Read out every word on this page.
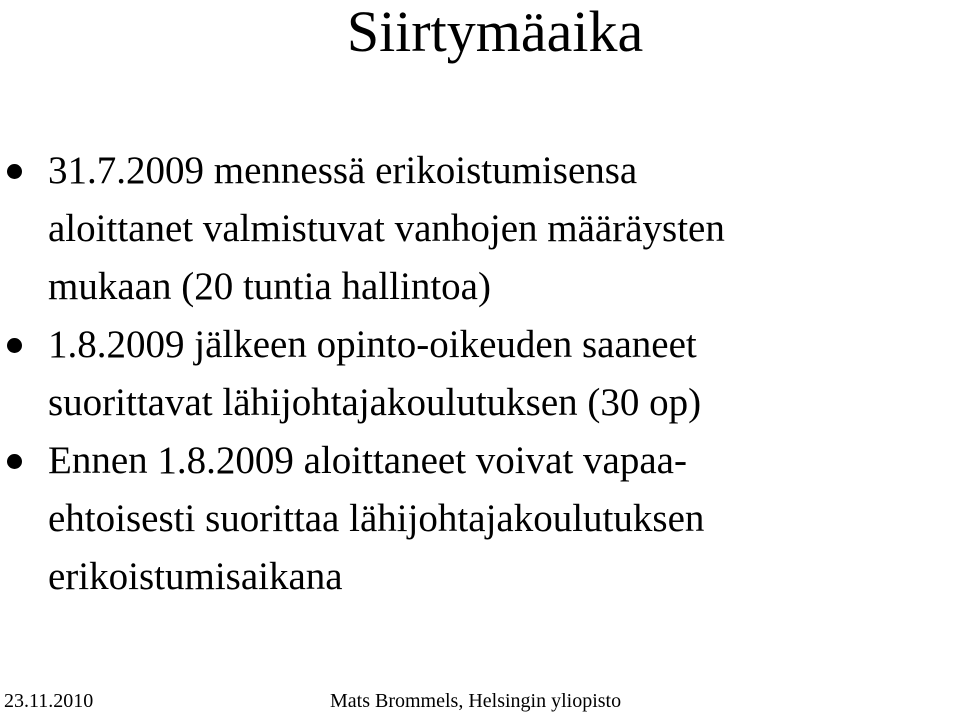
Siirtymäaika
31.7.2009 mennessä erikoistumisensa
aloittanet valmistuvat vanhojen määräysten
mukaan (20 tuntia hallintoa)
1.8.2009 jälkeen opinto-oikeuden saaneet
suorittavat lähijohtajakoulutuksen (30 op)
Ennen 1.8.2009 aloittaneet voivat vapaa-
ehtoisesti suorittaa lähijohtajakoulutuksen
erikoistumisaikana
23.11.2010	Mats Brommels, Helsingin yliopisto
